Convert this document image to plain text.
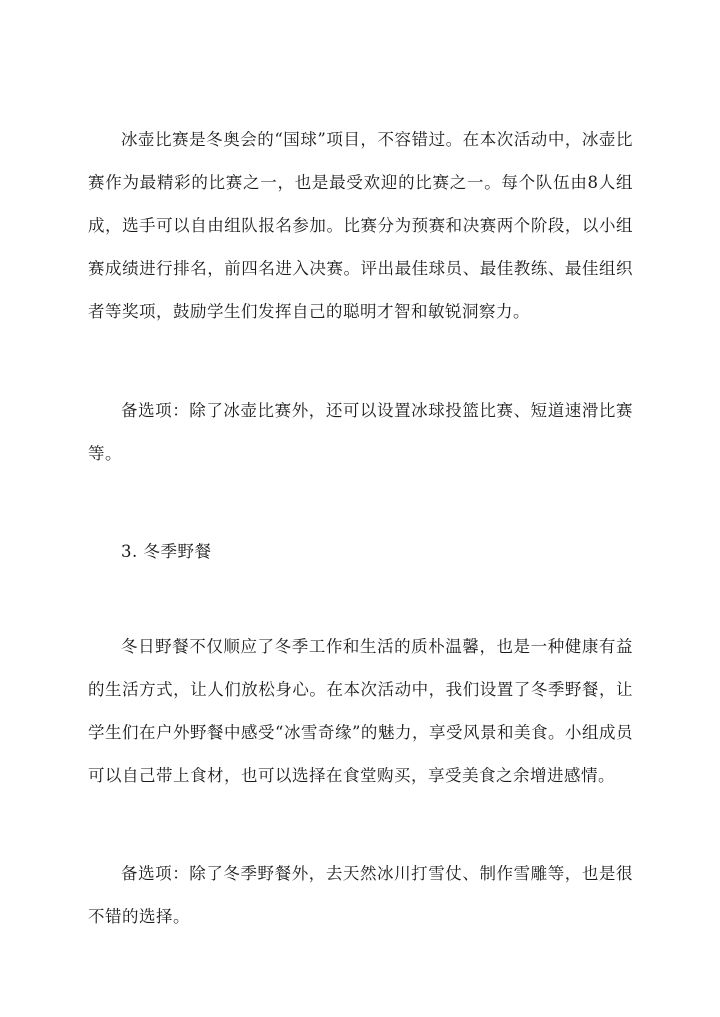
冰壶比赛是冬奥会的“国球”项目，不容错过。在本次活动中，冰壶比赛作为最精彩的比赛之一，也是最受欢迎的比赛之一。每个队伍由8人组成，选手可以自由组队报名参加。比赛分为预赛和决赛两个阶段，以小组赛成绩进行排名，前四名进入决赛。评出最佳球员、最佳教练、最佳组织者等奖项，鼓励学生们发挥自己的聪明才智和敏锐洞察力。

备选项：除了冰壶比赛外，还可以设置冰球投篮比赛、短道速滑比赛等。

3. 冬季野餐

冬日野餐不仅顺应了冬季工作和生活的质朴温馨，也是一种健康有益的生活方式，让人们放松身心。在本次活动中，我们设置了冬季野餐，让学生们在户外野餐中感受“冰雪奇缘”的魅力，享受风景和美食。小组成员可以自己带上食材，也可以选择在食堂购买，享受美食之余增进感情。

备选项：除了冬季野餐外，去天然冰川打雪仗、制作雪雕等，也是很不错的选择。
